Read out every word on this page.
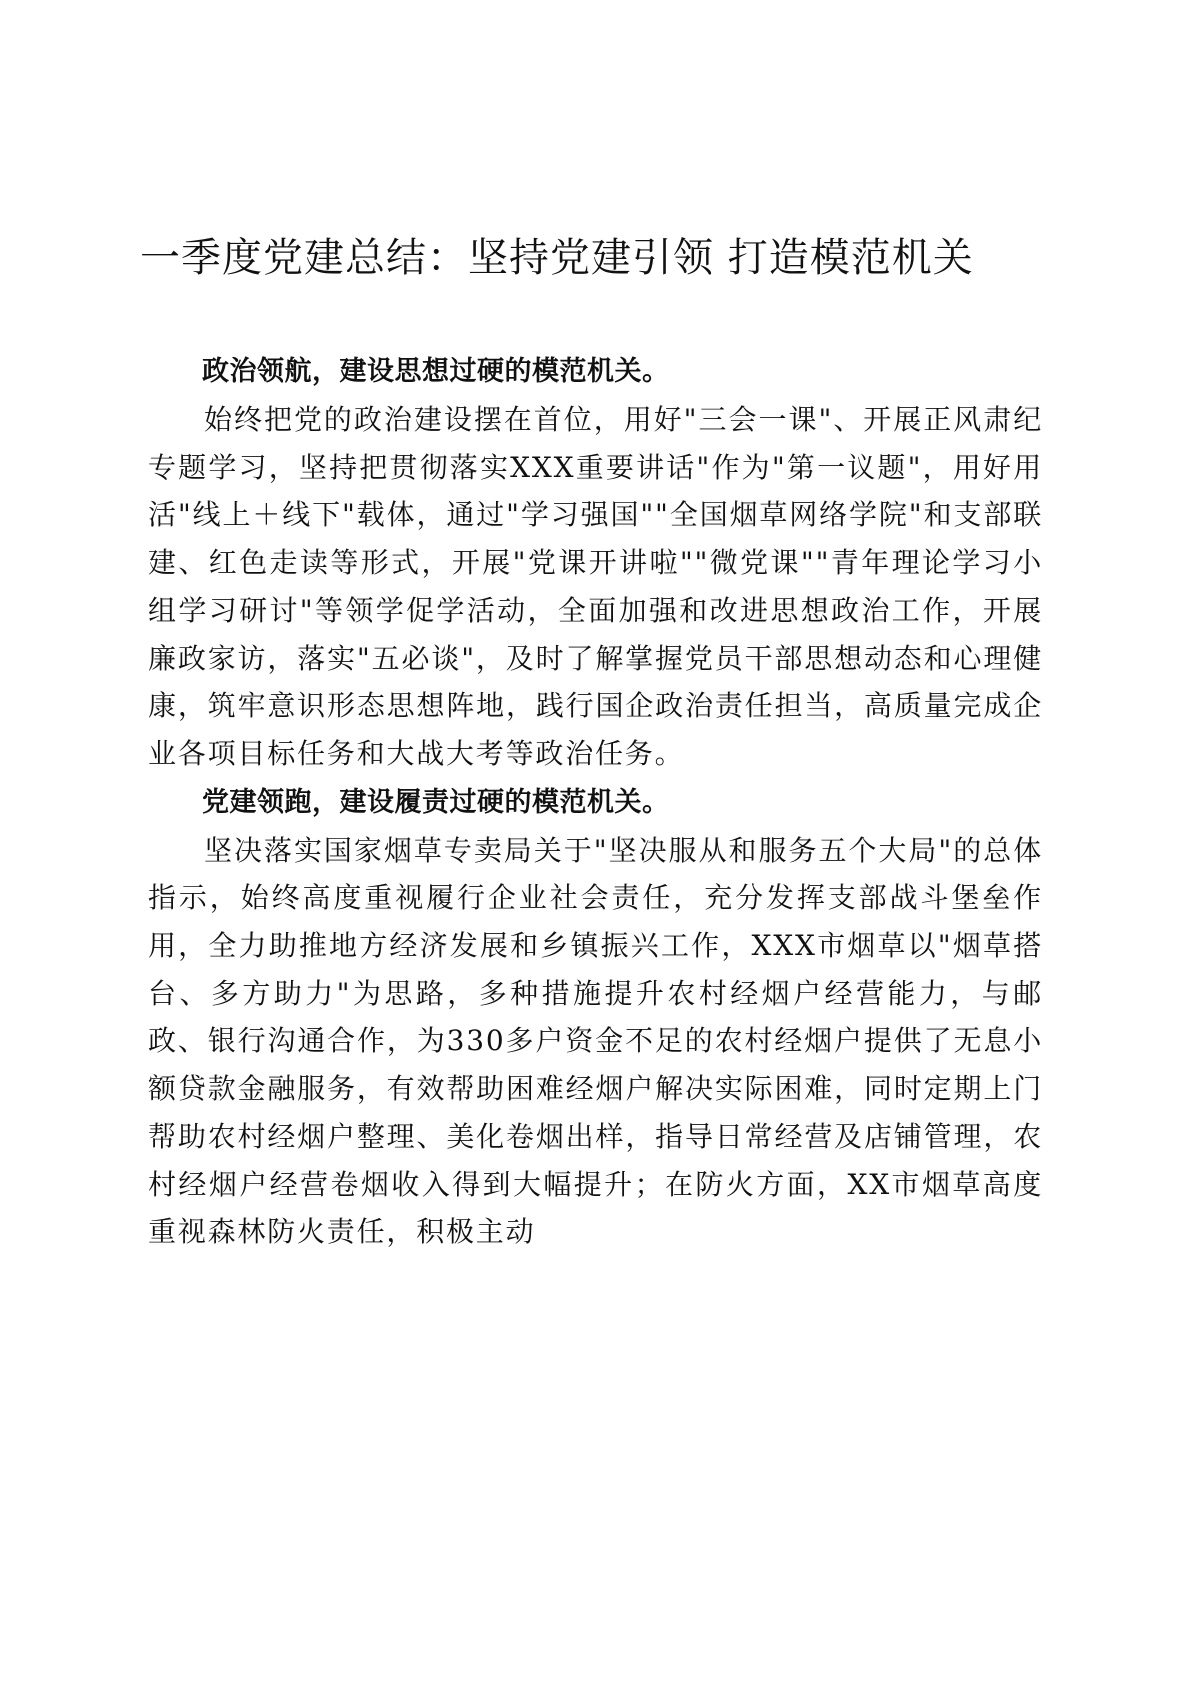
一季度党建总结：坚持党建引领 打造模范机关

政治领航，建设思想过硬的模范机关。

始终把党的政治建设摆在首位，用好"三会一课"、开展正风肃纪专题学习，坚持把贯彻落实XXX重要讲话"作为"第一议题"，用好用活"线上＋线下"载体，通过"学习强国""全国烟草网络学院"和支部联建、红色走读等形式，开展"党课开讲啦""微党课""青年理论学习小组学习研讨"等领学促学活动，全面加强和改进思想政治工作，开展廉政家访，落实"五必谈"，及时了解掌握党员干部思想动态和心理健康，筑牢意识形态思想阵地，践行国企政治责任担当，高质量完成企业各项目标任务和大战大考等政治任务。

党建领跑，建设履责过硬的模范机关。

坚决落实国家烟草专卖局关于"坚决服从和服务五个大局"的总体指示，始终高度重视履行企业社会责任，充分发挥支部战斗堡垒作用，全力助推地方经济发展和乡镇振兴工作，XXX市烟草以"烟草搭台、多方助力"为思路，多种措施提升农村经烟户经营能力，与邮政、银行沟通合作，为330多户资金不足的农村经烟户提供了无息小额贷款金融服务，有效帮助困难经烟户解决实际困难，同时定期上门帮助农村经烟户整理、美化卷烟出样，指导日常经营及店铺管理，农村经烟户经营卷烟收入得到大幅提升；在防火方面，XX市烟草高度重视森林防火责任，积极主动
